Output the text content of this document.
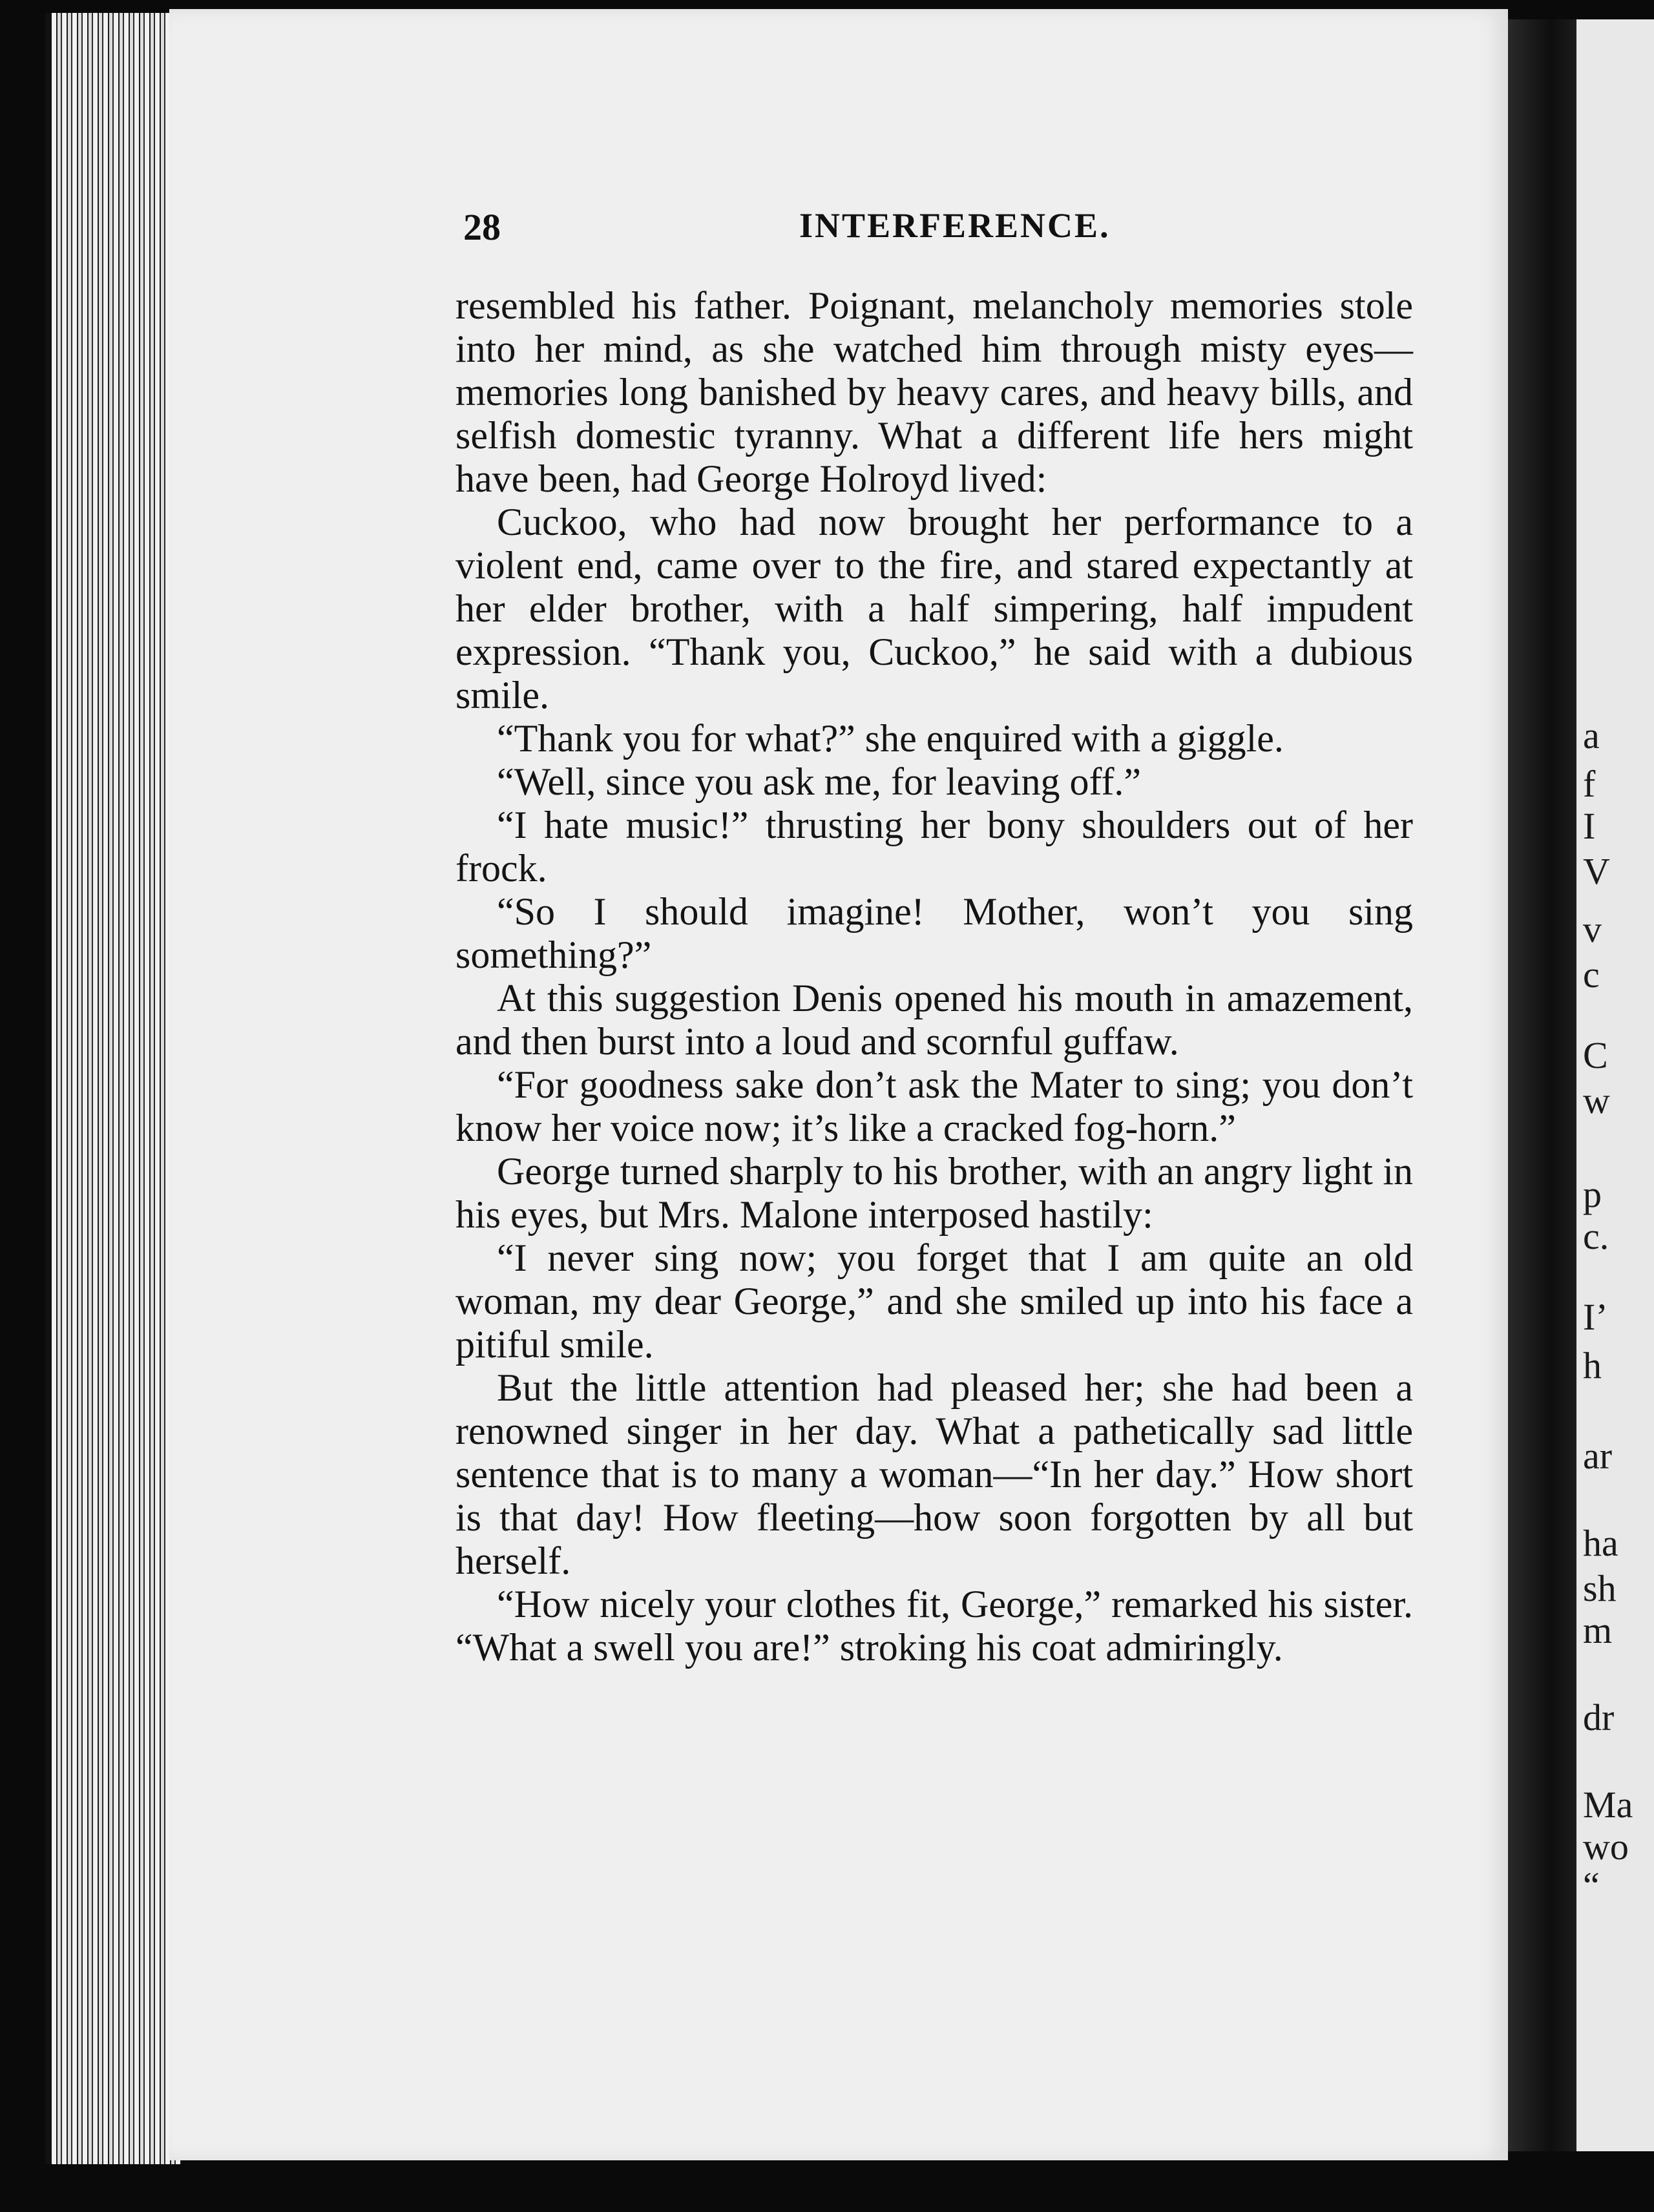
a
f
I
V
v
c
C
w
p
c.
I’
h
ar
ha
sh
m
dr
Ma
wo
“
28	INTERFERENCE.

resembled his father. Poignant, melancholy memories stole into her mind, as she watched him through misty eyes—memories long banished by heavy cares, and heavy bills, and selfish domestic tyranny. What a different life hers might have been, had George Holroyd lived:

Cuckoo, who had now brought her performance to a violent end, came over to the fire, and stared expectantly at her elder brother, with a half simpering, half impudent expression. “Thank you, Cuckoo,” he said with a dubious smile.

“Thank you for what?” she enquired with a giggle.

“Well, since you ask me, for leaving off.”

“I hate music!” thrusting her bony shoulders out of her frock.

“So I should imagine! Mother, won’t you sing something?”

At this suggestion Denis opened his mouth in amazement, and then burst into a loud and scornful guffaw.

“For goodness sake don’t ask the Mater to sing; you don’t know her voice now; it’s like a cracked fog-horn.”

George turned sharply to his brother, with an angry light in his eyes, but Mrs. Malone interposed hastily:

“I never sing now; you forget that I am quite an old woman, my dear George,” and she smiled up into his face a pitiful smile.

But the little attention had pleased her; she had been a renowned singer in her day. What a pathetically sad little sentence that is to many a woman—“In her day.” How short is that day! How fleeting—how soon forgotten by all but herself.

“How nicely your clothes fit, George,” remarked his sister. “What a swell you are!” stroking his coat admiringly.
